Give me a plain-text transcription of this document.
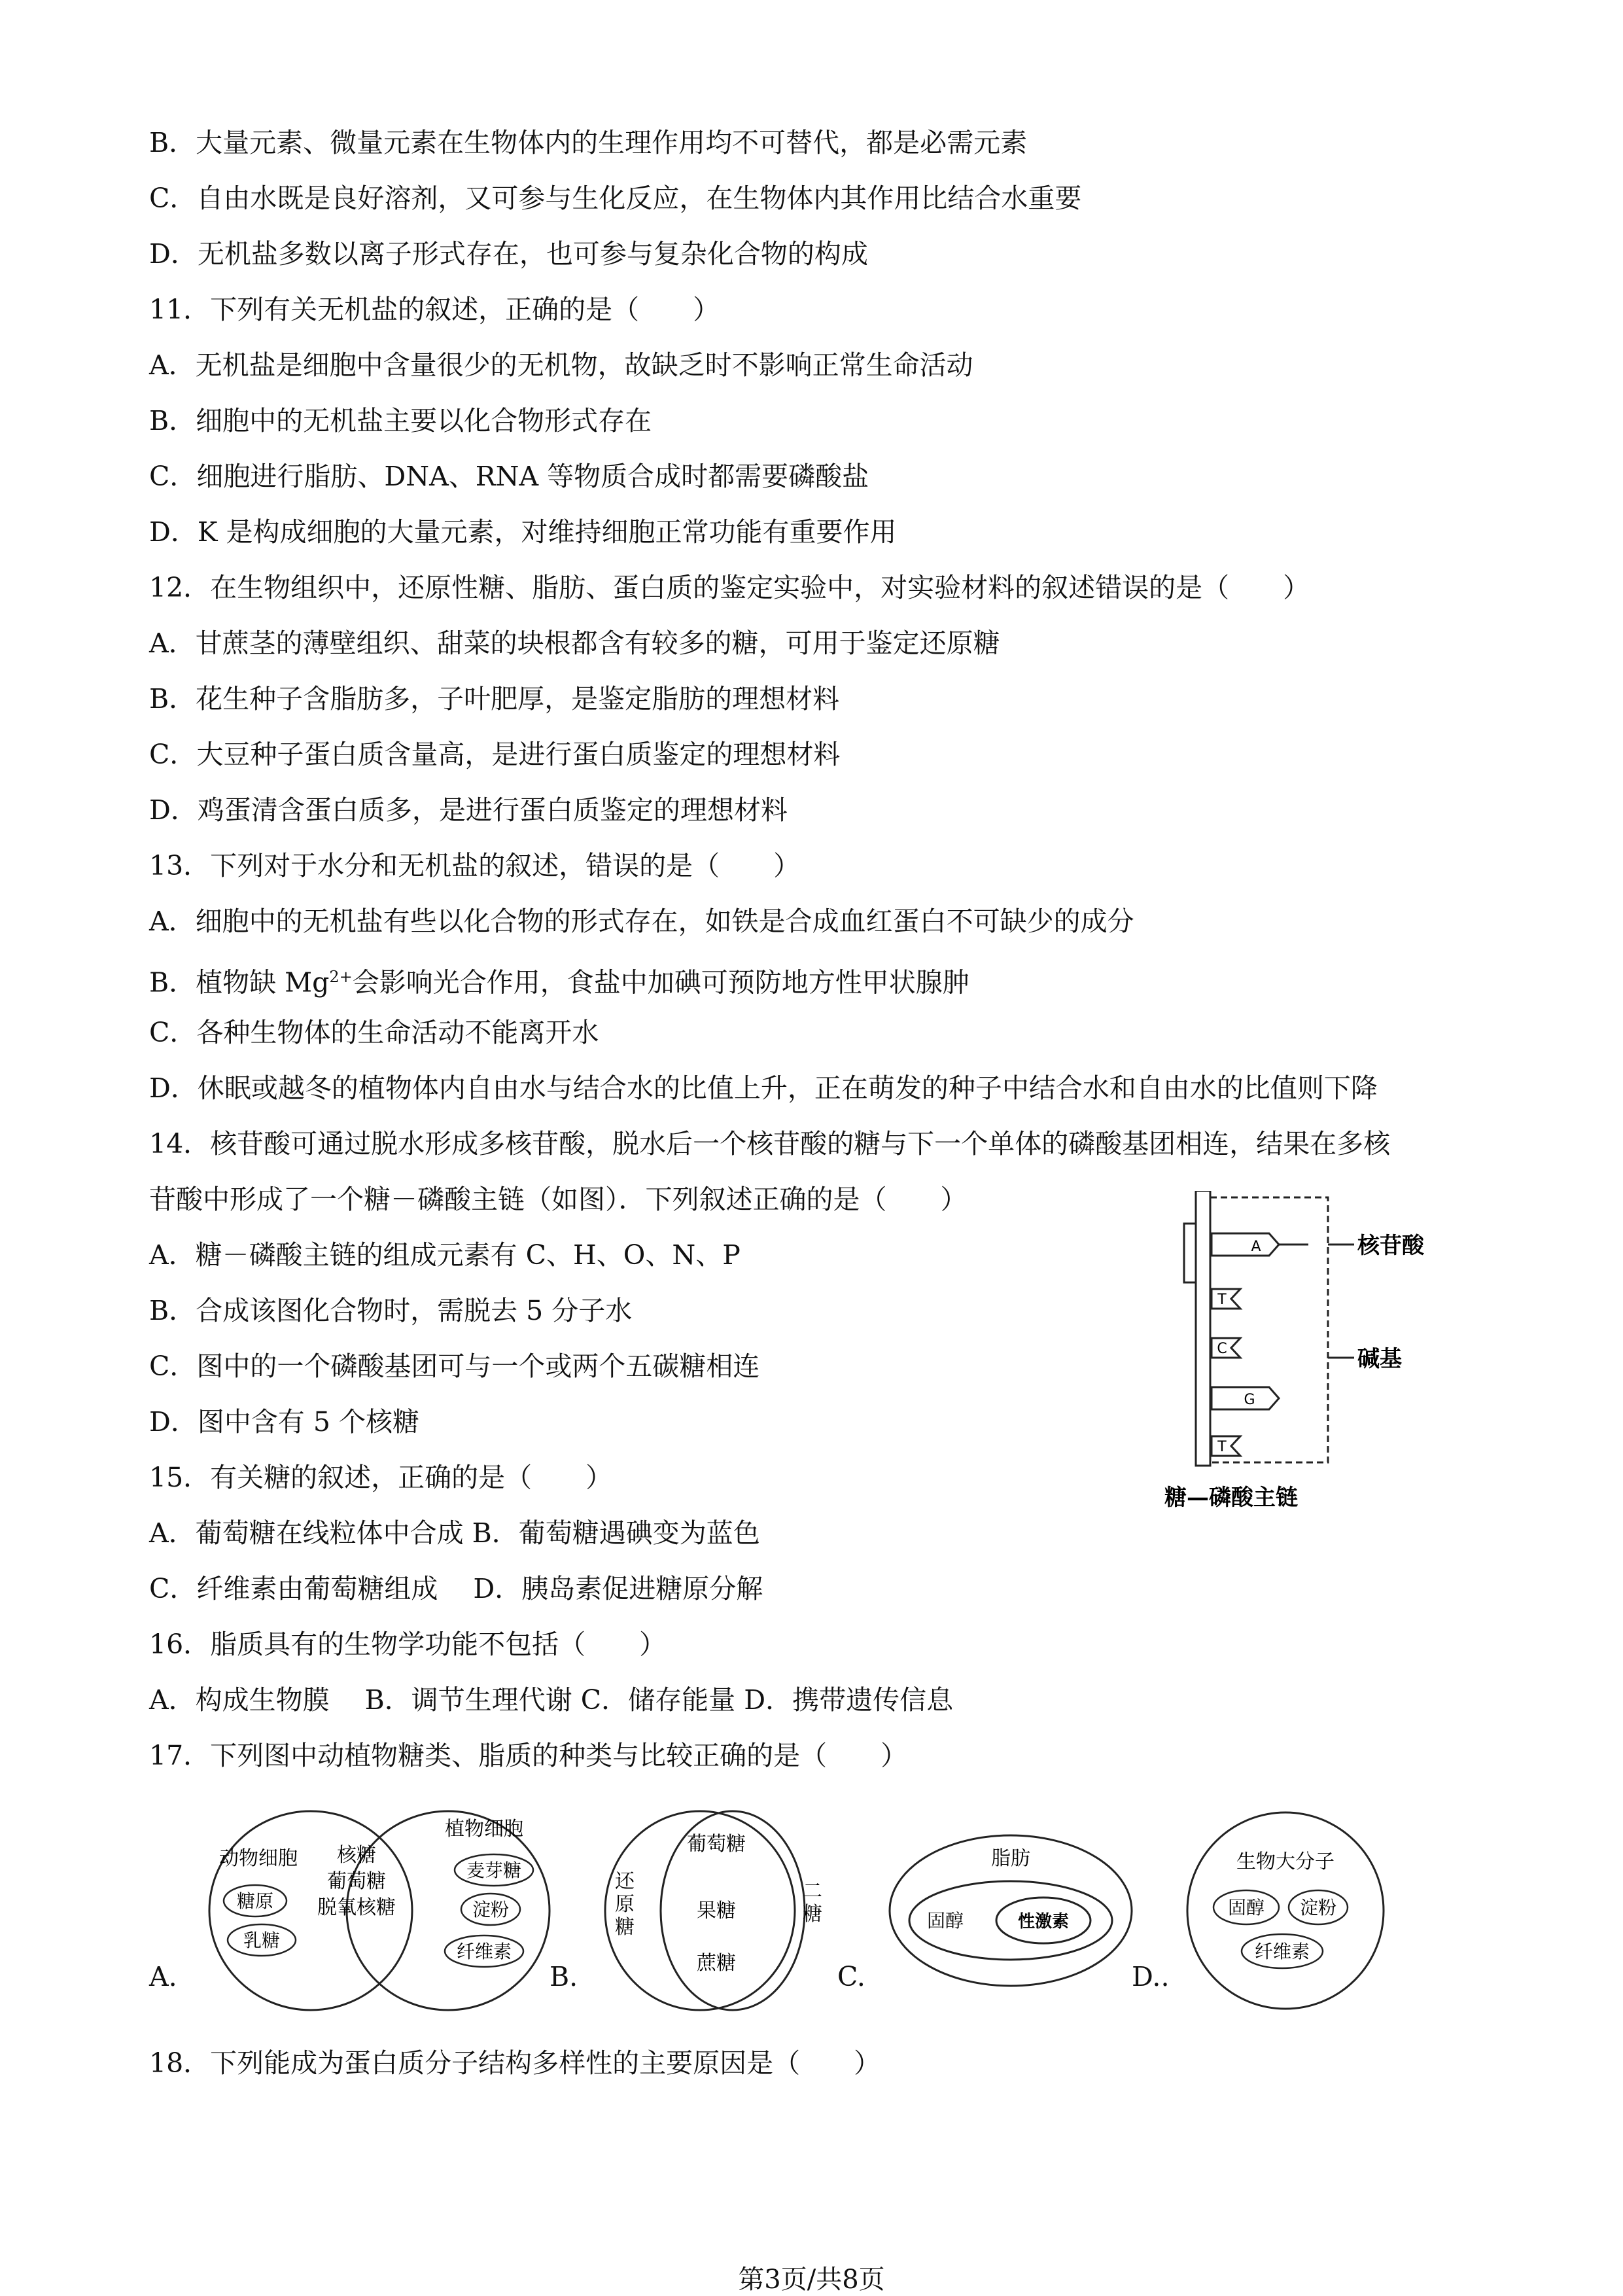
B．大量元素、微量元素在生物体内的生理作用均不可替代，都是必需元素
C．自由水既是良好溶剂，又可参与生化反应，在生物体内其作用比结合水重要
D．无机盐多数以离子形式存在，也可参与复杂化合物的构成
11．下列有关无机盐的叙述，正确的是（　　）
A．无机盐是细胞中含量很少的无机物，故缺乏时不影响正常生命活动
B．细胞中的无机盐主要以化合物形式存在
C．细胞进行脂肪、DNA、RNA 等物质合成时都需要磷酸盐
D．K 是构成细胞的大量元素，对维持细胞正常功能有重要作用
12．在生物组织中，还原性糖、脂肪、蛋白质的鉴定实验中，对实验材料的叙述错误的是（　　）
A．甘蔗茎的薄壁组织、甜菜的块根都含有较多的糖，可用于鉴定还原糖
B．花生种子含脂肪多，子叶肥厚，是鉴定脂肪的理想材料
C．大豆种子蛋白质含量高，是进行蛋白质鉴定的理想材料
D．鸡蛋清含蛋白质多，是进行蛋白质鉴定的理想材料
13．下列对于水分和无机盐的叙述，错误的是（　　）
A．细胞中的无机盐有些以化合物的形式存在，如铁是合成血红蛋白不可缺少的成分
B．植物缺 $Mg^{2+}$会影响光合作用，食盐中加碘可预防地方性甲状腺肿
C．各种生物体的生命活动不能离开水
D．休眠或越冬的植物体内自由水与结合水的比值上升，正在萌发的种子中结合水和自由水的比值则下降
14．核苷酸可通过脱水形成多核苷酸，脱水后一个核苷酸的糖与下一个单体的磷酸基团相连，结果在多核
苷酸中形成了一个糖－磷酸主链（如图）．下列叙述正确的是（　　）
A．糖－磷酸主链的组成元素有 C、H、O、N、P
B．合成该图化合物时，需脱去 5 分子水
C．图中的一个磷酸基团可与一个或两个五碳糖相连
D．图中含有 5 个核糖
15．有关糖的叙述，正确的是（　　）
A．葡萄糖在线粒体中合成 B．葡萄糖遇碘变为蓝色
C．纤维素由葡萄糖组成　 D．胰岛素促进糖原分解
16．脂质具有的生物学功能不包括（　　）
A．构成生物膜　 B．调节生理代谢 C．储存能量 D．携带遗传信息
17．下列图中动植物糖类、脂质的种类与比较正确的是（　　）
18．下列能成为蛋白质分子结构多样性的主要原因是（　　）
A
T
C
G
T
核苷酸
碱基
糖—磷酸主链
A.
动物细胞
糖原
乳糖
核糖
葡萄糖
脱氧核糖
植物细胞
麦芽糖
淀粉
纤维素
B.
还
原
糖
二
糖
葡萄糖
果糖
蔗糖	C.
脂肪
固醇	性激素
D..
生物大分子
固醇 淀粉
纤维素
第3页/共8页
